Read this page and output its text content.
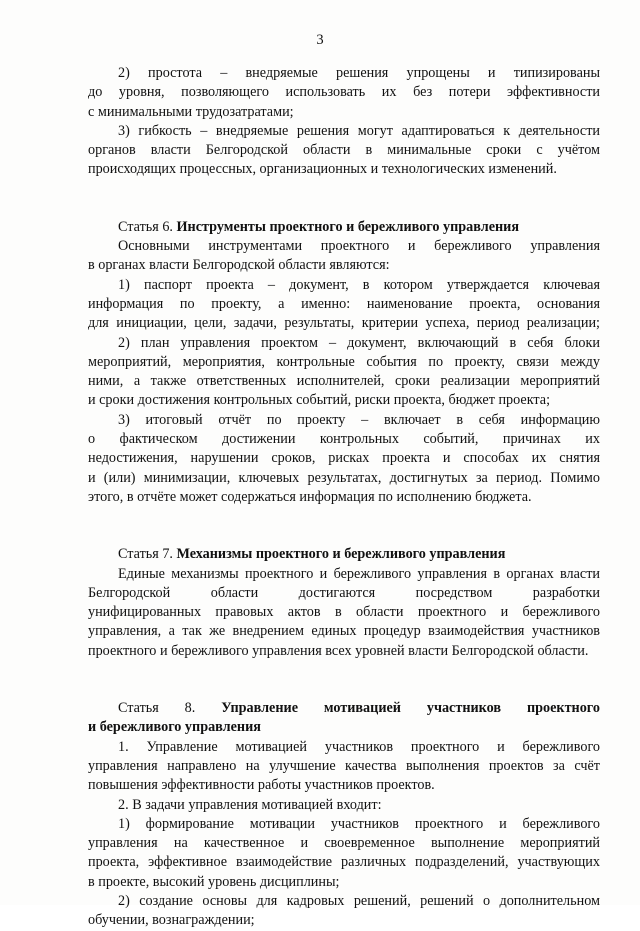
3
2) простота – внедряемые решения упрощены и типизированы
до уровня, позволяющего использовать их без потери эффективности
с минимальными трудозатратами;
3) гибкость – внедряемые решения могут адаптироваться к деятельности
органов власти Белгородской области в минимальные сроки с учётом
происходящих процессных, организационных и технологических изменений.
Статья 6. Инструменты проектного и бережливого управления
Основными инструментами проектного и бережливого управления
в органах власти Белгородской области являются:
1) паспорт проекта – документ, в котором утверждается ключевая
информация по проекту, а именно: наименование проекта, основания
для инициации, цели, задачи, результаты, критерии успеха, период реализации;
2) план управления проектом – документ, включающий в себя блоки
мероприятий, мероприятия, контрольные события по проекту, связи между
ними, а также ответственных исполнителей, сроки реализации мероприятий
и сроки достижения контрольных событий, риски проекта, бюджет проекта;
3) итоговый отчёт по проекту – включает в себя информацию
о фактическом достижении контрольных событий, причинах их
недостижения, нарушении сроков, рисках проекта и способах их снятия
и (или) минимизации, ключевых результатах, достигнутых за период. Помимо
этого, в отчёте может содержаться информация по исполнению бюджета.
Статья 7. Механизмы проектного и бережливого управления
Единые механизмы проектного и бережливого управления в органах власти
Белгородской области достигаются посредством разработки
унифицированных правовых актов в области проектного и бережливого
управления, а так же внедрением единых процедур взаимодействия участников
проектного и бережливого управления всех уровней власти Белгородской области.
Статья 8. Управление мотивацией участников проектного
и бережливого управления
1. Управление мотивацией участников проектного и бережливого
управления направлено на улучшение качества выполнения проектов за счёт
повышения эффективности работы участников проектов.
2. В задачи управления мотивацией входит:
1) формирование мотивации участников проектного и бережливого
управления на качественное и своевременное выполнение мероприятий
проекта, эффективное взаимодействие различных подразделений, участвующих
в проекте, высокий уровень дисциплины;
2) создание основы для кадровых решений, решений о дополнительном
обучении, вознаграждении;
